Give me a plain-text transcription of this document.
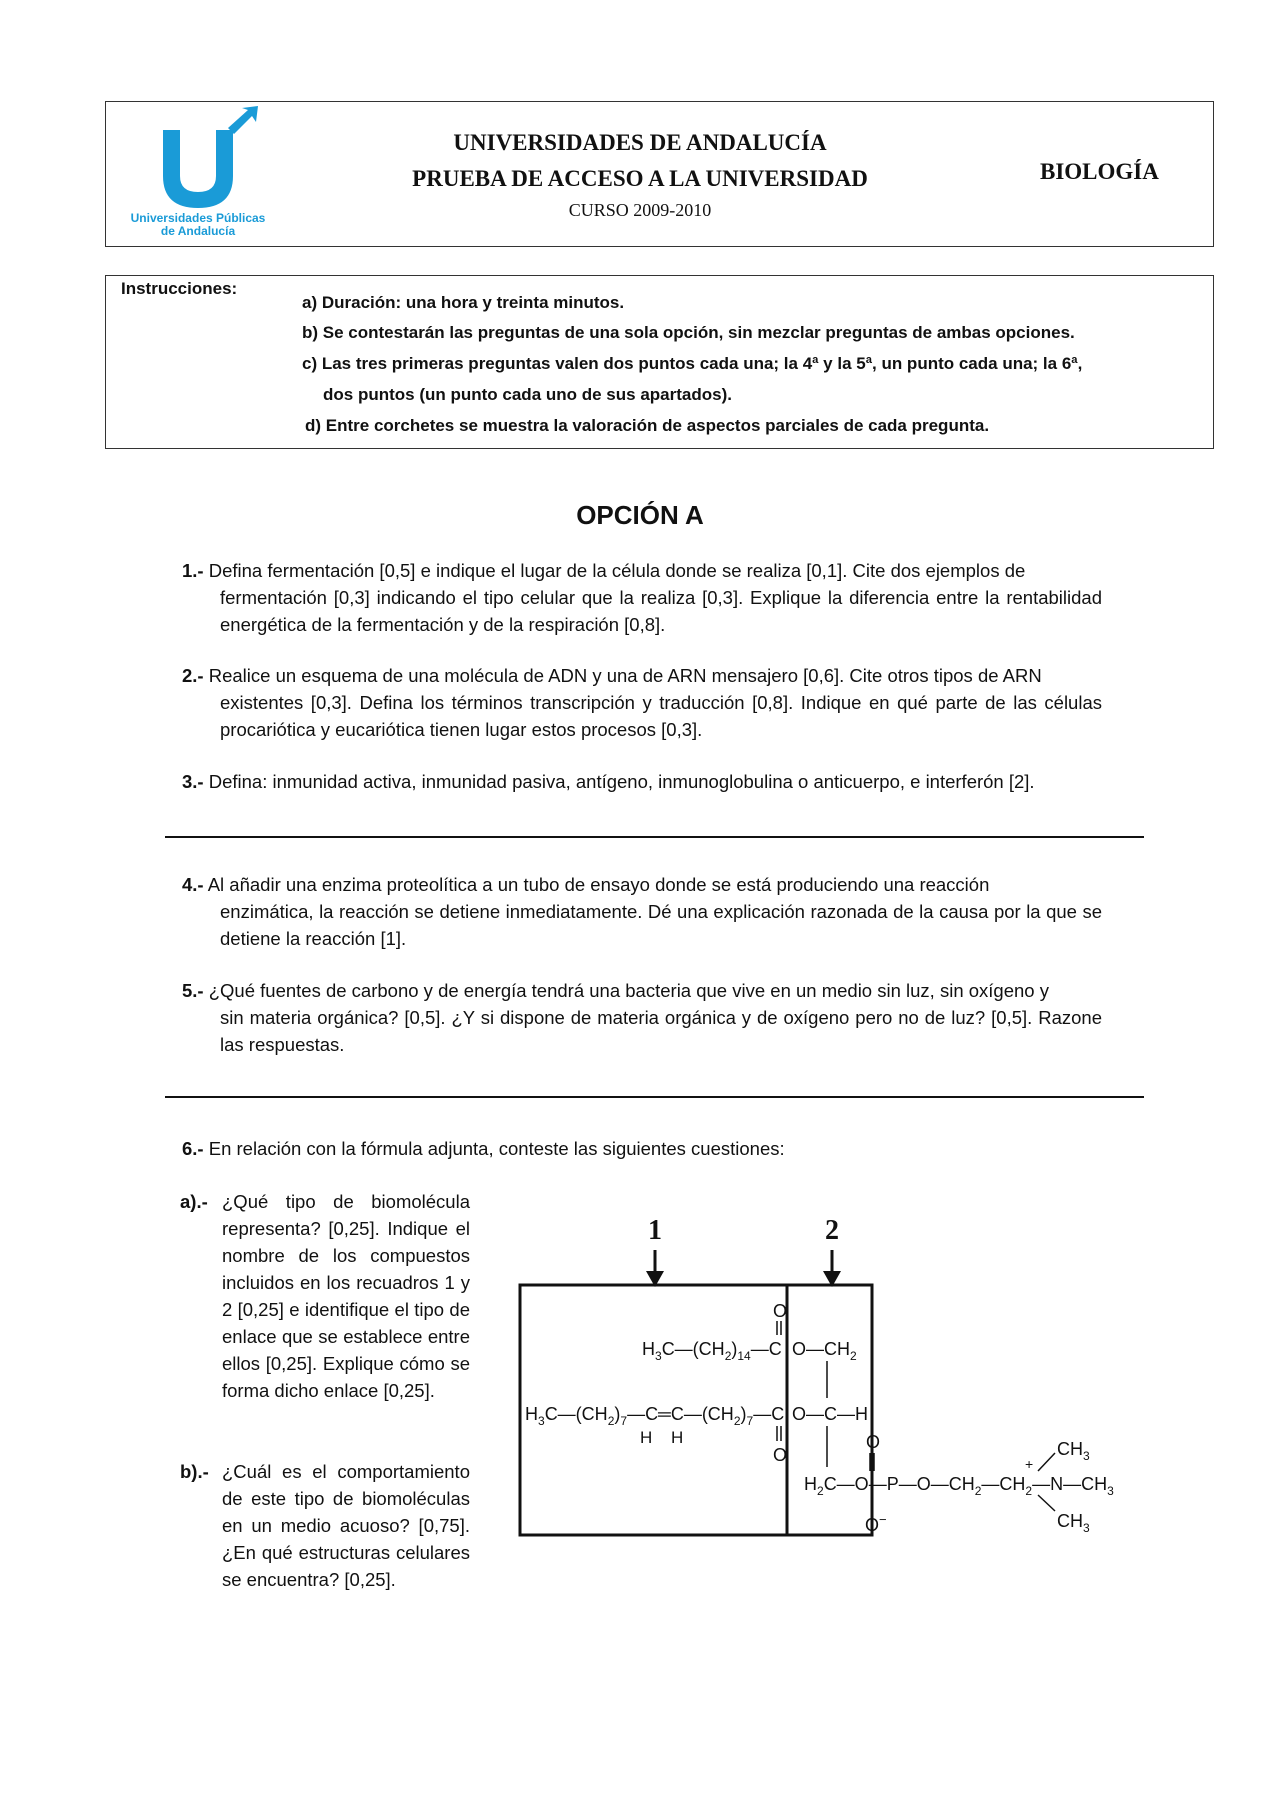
Universidades Públicas
de Andalucía
UNIVERSIDADES DE ANDALUCÍA
PRUEBA DE ACCESO A LA UNIVERSIDAD
CURSO 2009-2010
BIOLOGÍA
Instrucciones:
a) Duración: una hora y treinta minutos.
b) Se contestarán las preguntas de una sola opción, sin mezclar preguntas de ambas opciones.
c) Las tres primeras preguntas valen dos puntos cada una; la 4ª y la 5ª, un punto cada una; la 6ª,
dos puntos (un punto cada uno de sus apartados).
d) Entre corchetes se muestra la valoración de aspectos parciales de cada pregunta.
OPCIÓN A
1.- Defina fermentación [0,5] e indique el lugar de la célula donde se realiza [0,1]. Cite dos ejemplos de
fermentación [0,3] indicando el tipo celular que la realiza [0,3]. Explique la diferencia entre la rentabilidad energética de la fermentación y de la respiración [0,8].
2.- Realice un esquema de una molécula de ADN y una de ARN mensajero [0,6]. Cite otros tipos de ARN
existentes [0,3]. Defina los términos transcripción y traducción [0,8]. Indique en qué parte de las células procariótica y eucariótica tienen lugar estos procesos [0,3].
3.- Defina: inmunidad activa, inmunidad pasiva, antígeno, inmunoglobulina o anticuerpo, e interferón [2].
4.- Al añadir una enzima proteolítica a un tubo de ensayo donde se está produciendo una reacción
enzimática, la reacción se detiene inmediatamente. Dé una explicación razonada de la causa por la que se detiene la reacción [1].
5.- ¿Qué fuentes de carbono y de energía tendrá una bacteria que vive en un medio sin luz, sin oxígeno y
sin materia orgánica? [0,5]. ¿Y si dispone de materia orgánica y de oxígeno pero no de luz? [0,5]. Razone las respuestas.
6.- En relación con la fórmula adjunta, conteste las siguientes cuestiones:
a).- ¿Qué tipo de biomolécula representa? [0,25]. Indique el nombre de los compuestos incluidos en los recuadros 1 y 2 [0,25] e identifique el tipo de enlace que se establece entre ellos [0,25]. Explique cómo se forma dicho enlace [0,25].
b).- ¿Cuál es el comportamiento de este tipo de biomoléculas en un medio acuoso? [0,75]. ¿En qué estructuras celulares se encuentra? [0,25].
1	2
O
$H_3C—(CH_2)_{14}—C$ $O—CH_2$
$H_3C—(CH_2)_7—C═C—(CH_2)_7—C$
H H
O
O—C—H
$H_2C—O—P—O—CH_2—CH_2—N—CH_3$
O
O−
+
$CH_3$
$CH_3$
